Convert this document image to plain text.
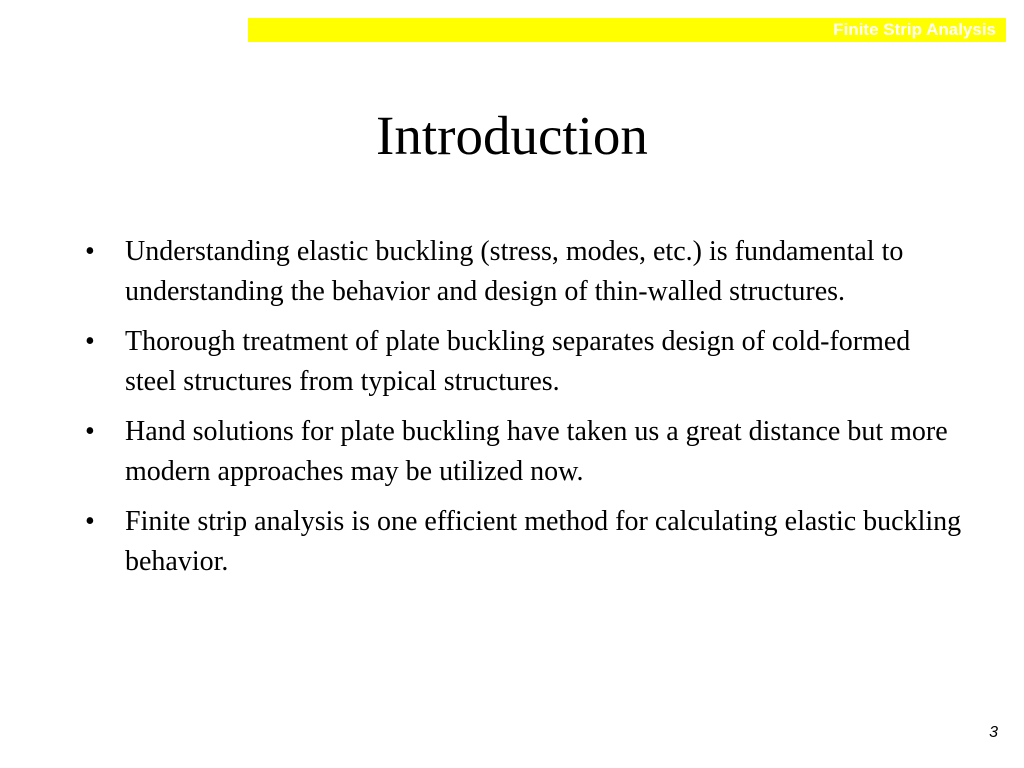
Finite Strip Analysis
Introduction
•	Understanding elastic buckling (stress, modes, etc.) is fundamental to understanding the behavior and design of thin-walled structures.
•	Thorough treatment of plate buckling separates design of cold-formed steel structures from typical structures.
•	Hand solutions for plate buckling have taken us a great distance but more modern approaches may be utilized now.
•	Finite strip analysis is one efficient method for calculating elastic buckling behavior.
3
